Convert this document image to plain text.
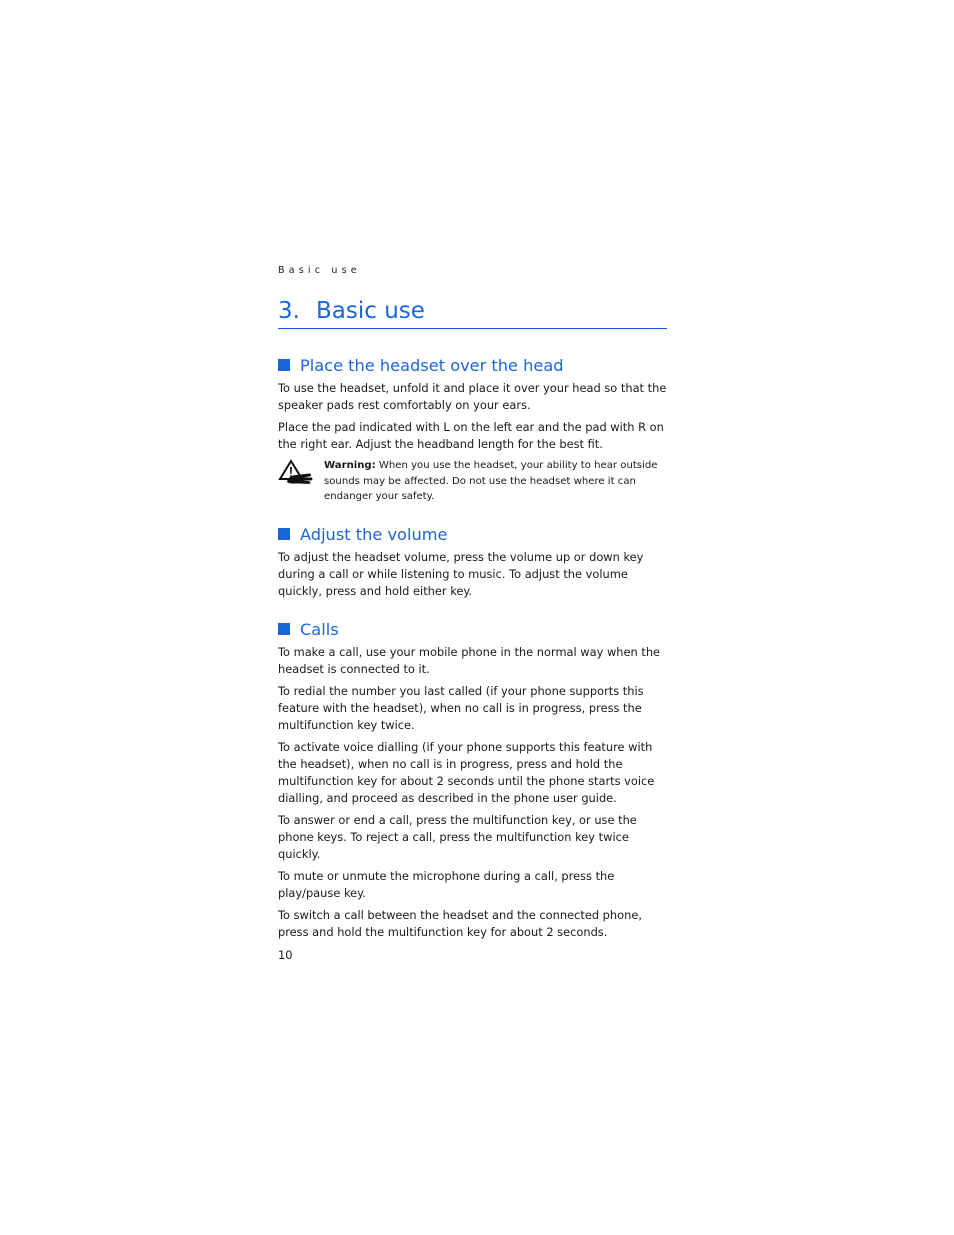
Basic use
3. Basic use
Place the headset over the head

To use the headset, unfold it and place it over your head so that the speaker pads rest comfortably on your ears.

Place the pad indicated with L on the left ear and the pad with R on the right ear. Adjust the headband length for the best fit.

Warning: When you use the headset, your ability to hear outside sounds may be affected. Do not use the headset where it can endanger your safety.
Adjust the volume

To adjust the headset volume, press the volume up or down key during a call or while listening to music. To adjust the volume quickly, press and hold either key.

Calls

To make a call, use your mobile phone in the normal way when the headset is connected to it.

To redial the number you last called (if your phone supports this feature with the headset), when no call is in progress, press the multifunction key twice.

To activate voice dialling (if your phone supports this feature with the headset), when no call is in progress, press and hold the multifunction key for about 2 seconds until the phone starts voice dialling, and proceed as described in the phone user guide.

To answer or end a call, press the multifunction key, or use the phone keys. To reject a call, press the multifunction key twice quickly.

To mute or unmute the microphone during a call, press the play/pause key.

To switch a call between the headset and the connected phone, press and hold the multifunction key for about 2 seconds.

10
